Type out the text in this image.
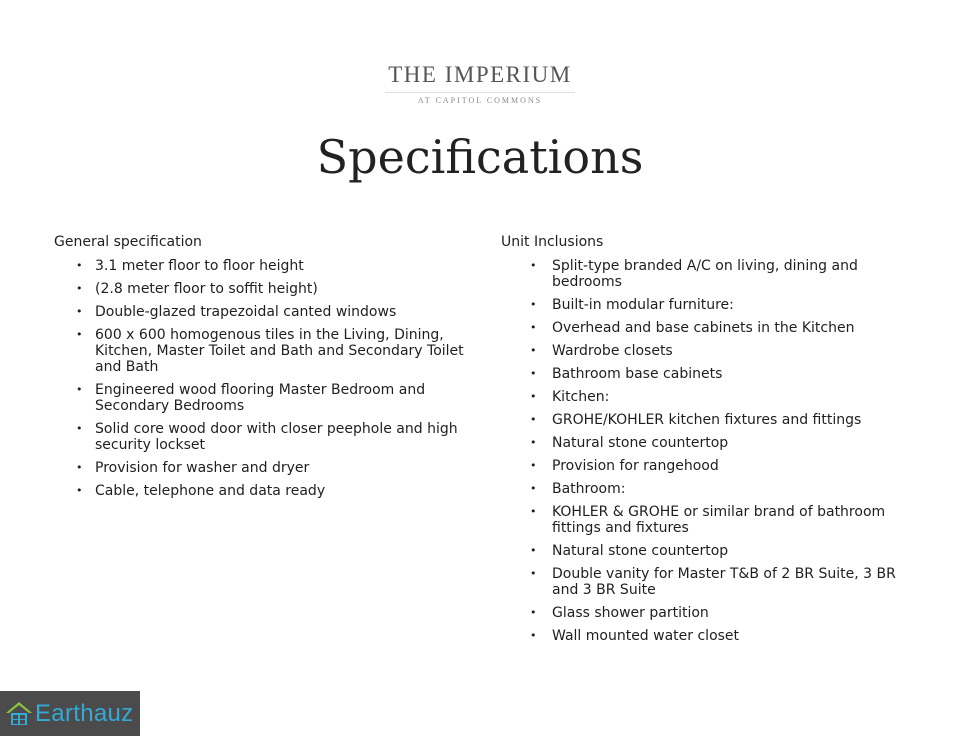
THE IMPERIUM
AT CAPITOL COMMONS
Specifications
General specification
• 3.1 meter floor to floor height
• (2.8 meter floor to soffit height)
• Double-glazed trapezoidal canted windows
• 600 x 600 homogenous tiles in the Living, Dining, Kitchen, Master Toilet and Bath and Secondary Toilet and Bath
• Engineered wood flooring Master Bedroom and Secondary Bedrooms
• Solid core wood door with closer peephole and high security lockset
• Provision for washer and dryer
• Cable, telephone and data ready
Unit Inclusions
• Split-type branded A/C on living, dining and bedrooms
• Built-in modular furniture:
• Overhead and base cabinets in the Kitchen
• Wardrobe closets
• Bathroom base cabinets
• Kitchen:
• GROHE/KOHLER kitchen fixtures and fittings
• Natural stone countertop
• Provision for rangehood
• Bathroom:
• KOHLER & GROHE or similar brand of bathroom fittings and fixtures
• Natural stone countertop
• Double vanity for Master T&B of 2 BR Suite, 3 BR and 3 BR Suite
• Glass shower partition
• Wall mounted water closet
Earthauz
